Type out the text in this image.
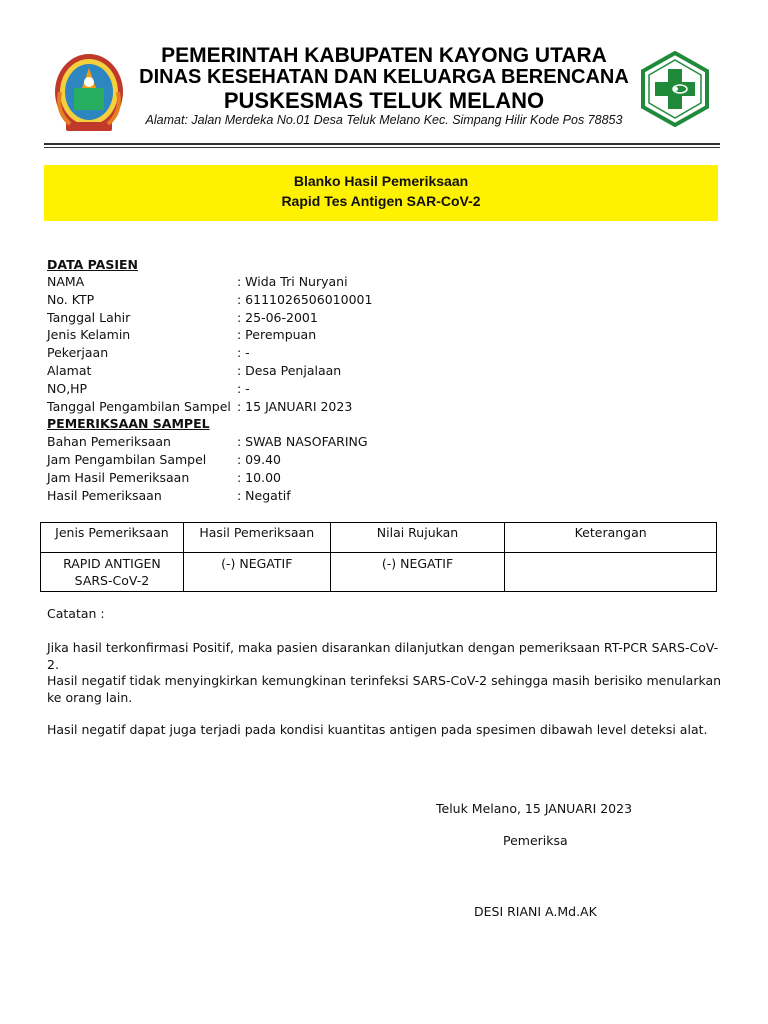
PEMERINTAH KABUPATEN KAYONG UTARA
DINAS KESEHATAN DAN KELUARGA BERENCANA
PUSKESMAS TELUK MELANO
Alamat: Jalan Merdeka No.01 Desa Teluk Melano Kec. Simpang Hilir Kode Pos 78853
Blanko Hasil Pemeriksaan
Rapid Tes Antigen SAR-CoV-2
DATA PASIEN
NAMA	: Wida Tri Nuryani
No. KTP	: 6111026506010001
Tanggal Lahir	: 25-06-2001
Jenis Kelamin	: Perempuan
Pekerjaan	: -
Alamat	: Desa Penjalaan
NO,HP	: -
Tanggal Pengambilan Sampel : 15 JANUARI 2023
PEMERIKSAAN SAMPEL
Bahan Pemeriksaan	: SWAB NASOFARING
Jam Pengambilan Sampel : 09.40
Jam Hasil Pemeriksaan	: 10.00
Hasil Pemeriksaan	: Negatif
Jenis Pemeriksaan	Hasil Pemeriksaan	Nilai Rujukan	Keterangan

RAPID ANTIGEN
SARS-CoV-2	(-) NEGATIF	(-) NEGATIF	
Catatan :
Jika hasil terkonfirmasi Positif, maka pasien disarankan dilanjutkan dengan pemeriksaan RT-PCR SARS-CoV-2.
Hasil negatif tidak menyingkirkan kemungkinan terinfeksi SARS-CoV-2 sehingga masih berisiko menularkan ke orang lain.
Hasil negatif dapat juga terjadi pada kondisi kuantitas antigen pada spesimen dibawah level deteksi alat.
Teluk Melano, 15 JANUARI 2023
Pemeriksa
DESI RIANI A.Md.AK
